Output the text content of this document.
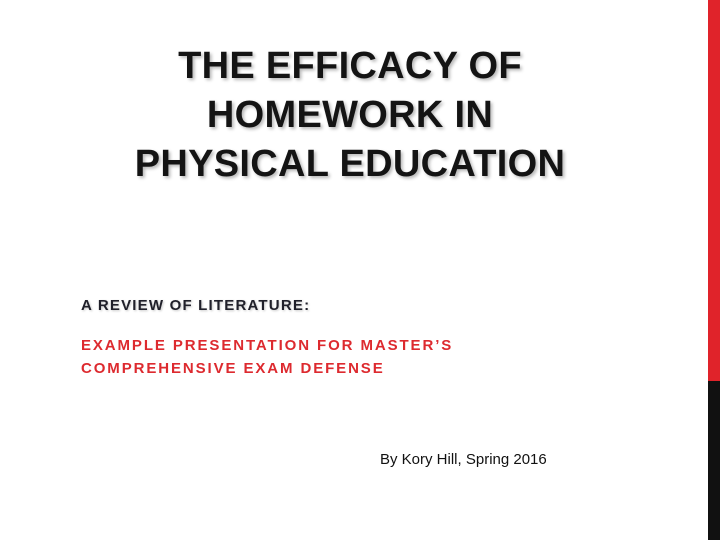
THE EFFICACY OF
HOMEWORK IN
PHYSICAL EDUCATION

A REVIEW OF LITERATURE:

EXAMPLE PRESENTATION FOR MASTER’S
COMPREHENSIVE EXAM DEFENSE

By Kory Hill, Spring 2016
